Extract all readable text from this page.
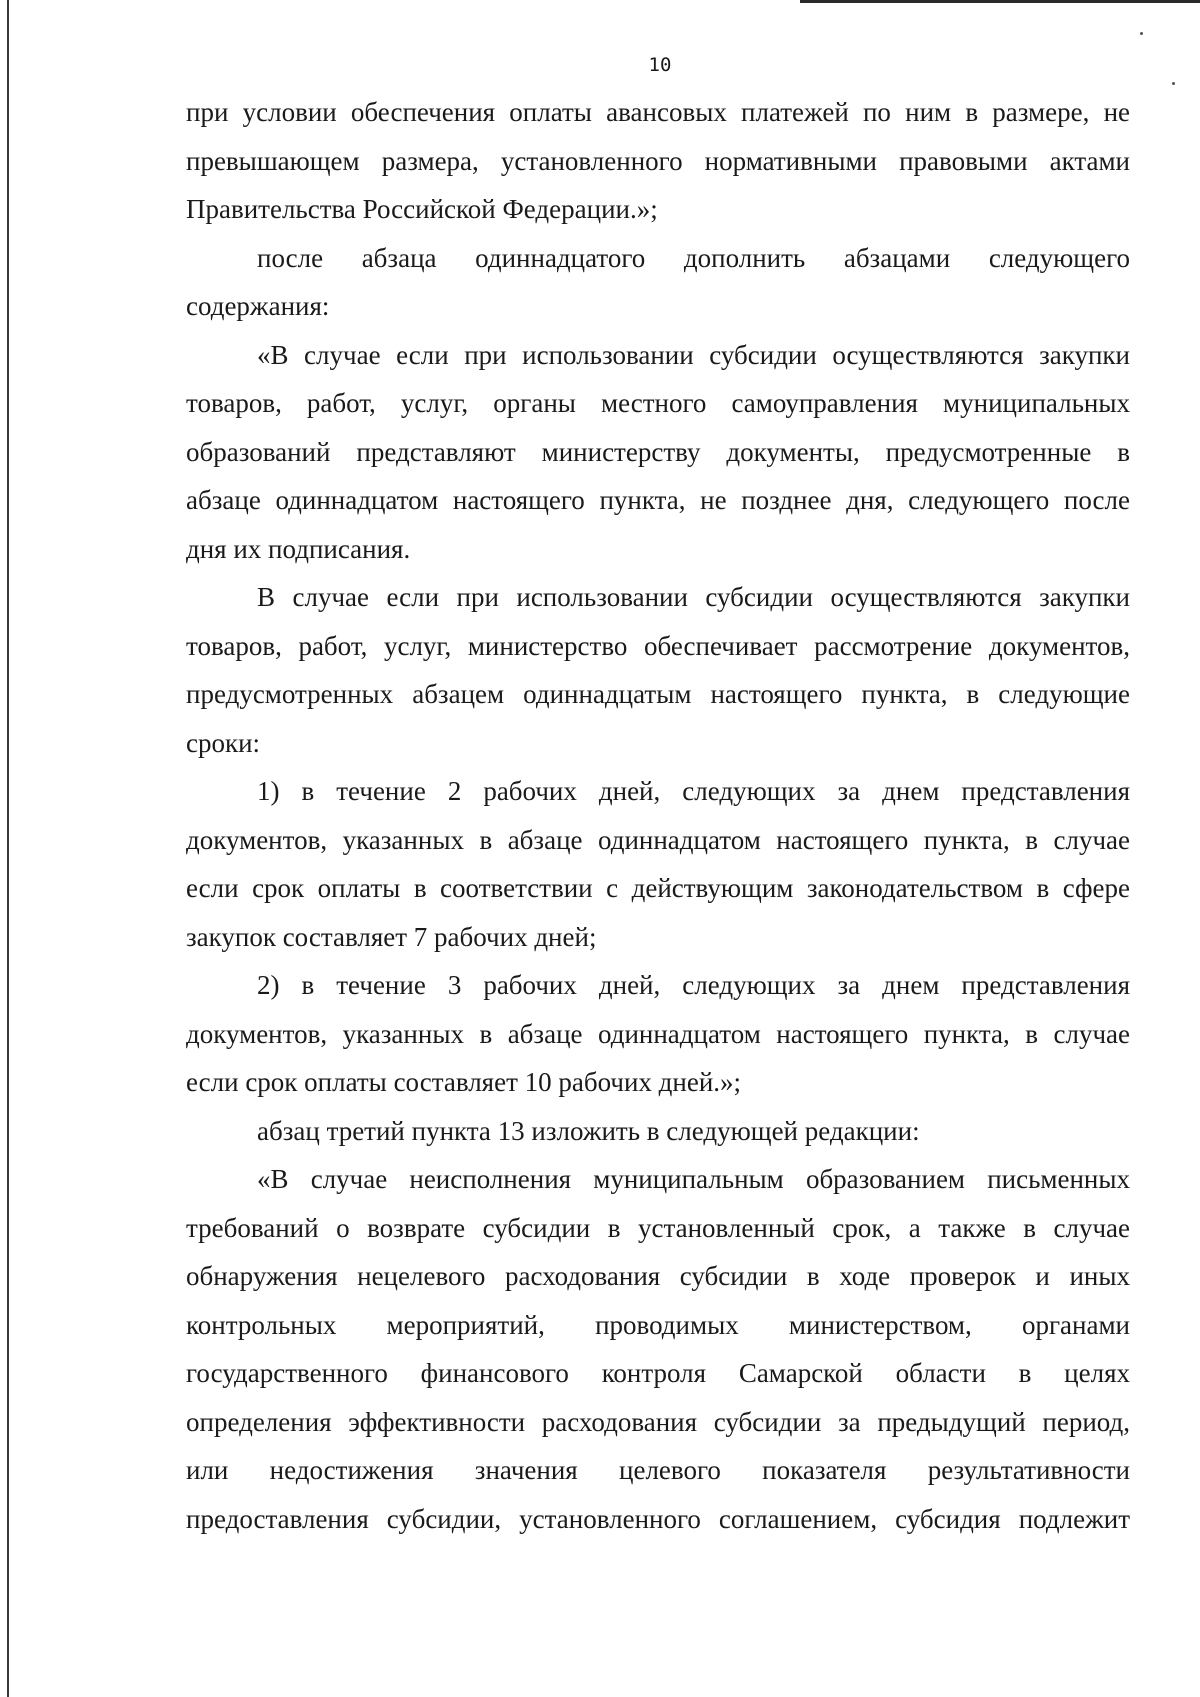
10
при условии обеспечения оплаты авансовых платежей по ним в размере, не
превышающем размера, установленного нормативными правовыми актами
Правительства Российской Федерации.»;
после абзаца одиннадцатого дополнить абзацами следующего
содержания:
«В случае если при использовании субсидии осуществляются закупки
товаров, работ, услуг, органы местного самоуправления муниципальных
образований представляют министерству документы, предусмотренные в
абзаце одиннадцатом настоящего пункта, не позднее дня, следующего после
дня их подписания.
В случае если при использовании субсидии осуществляются закупки
товаров, работ, услуг, министерство обеспечивает рассмотрение документов,
предусмотренных абзацем одиннадцатым настоящего пункта, в следующие
сроки:
1) в течение 2 рабочих дней, следующих за днем представления
документов, указанных в абзаце одиннадцатом настоящего пункта, в случае
если срок оплаты в соответствии с действующим законодательством в сфере
закупок составляет 7 рабочих дней;
2) в течение 3 рабочих дней, следующих за днем представления
документов, указанных в абзаце одиннадцатом настоящего пункта, в случае
если срок оплаты составляет 10 рабочих дней.»;
абзац третий пункта 13 изложить в следующей редакции:
«В случае неисполнения муниципальным образованием письменных
требований о возврате субсидии в установленный срок, а также в случае
обнаружения нецелевого расходования субсидии в ходе проверок и иных
контрольных мероприятий, проводимых министерством, органами
государственного финансового контроля Самарской области в целях
определения эффективности расходования субсидии за предыдущий период,
или недостижения значения целевого показателя результативности
предоставления субсидии, установленного соглашением, субсидия подлежит
